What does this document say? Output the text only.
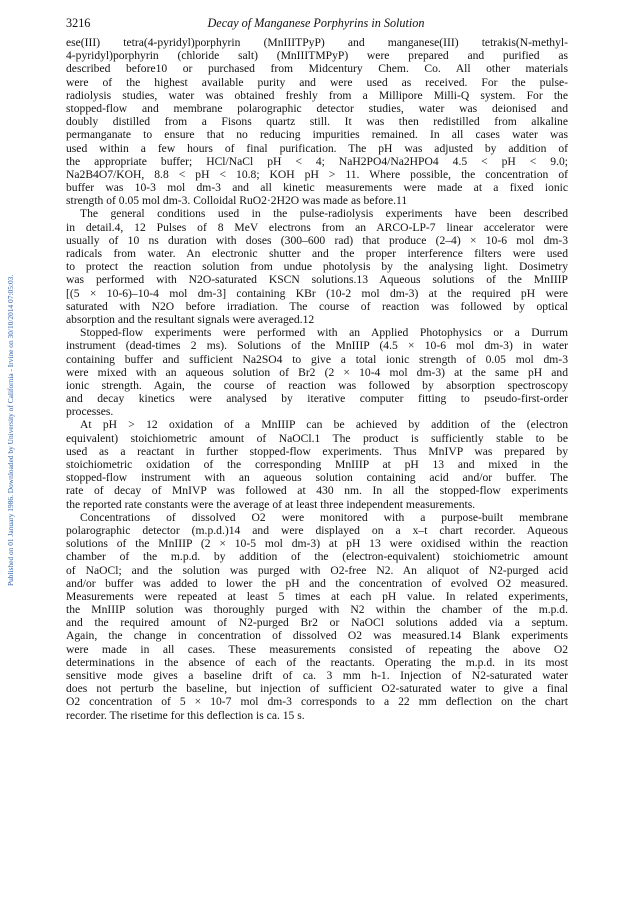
Published on 01 January 1986. Downloaded by University of California - Irvine on 30/10/2014 07:05:03.
3216	Decay of Manganese Porphyrins in Solution
ese(III) tetra(4-pyridyl)porphyrin (MnIIITPyP) and manganese(III) tetrakis(N-methyl-
4-pyridyl)porphyrin (chloride salt) (MnIIITMPyP) were prepared and purified as
described before10 or purchased from Midcentury Chem. Co. All other materials
were of the highest available purity and were used as received. For the pulse-
radiolysis studies, water was obtained freshly from a Millipore Milli-Q system. For the
stopped-flow and membrane polarographic detector studies, water was deionised and
doubly distilled from a Fisons quartz still. It was then redistilled from alkaline
permanganate to ensure that no reducing impurities remained. In all cases water was
used within a few hours of final purification. The pH was adjusted by addition of
the appropriate buffer; HCl/NaCl pH < 4; NaH2PO4/Na2HPO4 4.5 < pH < 9.0;
Na2B4O7/KOH, 8.8 < pH < 10.8; KOH pH > 11. Where possible, the concentration of
buffer was 10-3 mol dm-3 and all kinetic measurements were made at a fixed ionic
strength of 0.05 mol dm-3. Colloidal RuO2·2H2O was made as before.11
The general conditions used in the pulse-radiolysis experiments have been described
in detail.4, 12 Pulses of 8 MeV electrons from an ARCO-LP-7 linear accelerator were
usually of 10 ns duration with doses (300–600 rad) that produce (2–4) × 10-6 mol dm-3
radicals from water. An electronic shutter and the proper interference filters were used
to protect the reaction solution from undue photolysis by the analysing light. Dosimetry
was performed with N2O-saturated KSCN solutions.13 Aqueous solutions of the MnIIIP
[(5 × 10-6)–10-4 mol dm-3] containing KBr (10-2 mol dm-3) at the required pH were
saturated with N2O before irradiation. The course of reaction was followed by optical
absorption and the resultant signals were averaged.12
Stopped-flow experiments were performed with an Applied Photophysics or a Durrum
instrument (dead-times 2 ms). Solutions of the MnIIIP (4.5 × 10-6 mol dm-3) in water
containing buffer and sufficient Na2SO4 to give a total ionic strength of 0.05 mol dm-3
were mixed with an aqueous solution of Br2 (2 × 10-4 mol dm-3) at the same pH and
ionic strength. Again, the course of reaction was followed by absorption spectroscopy
and decay kinetics were analysed by iterative computer fitting to pseudo-first-order
processes.
At pH > 12 oxidation of a MnIIIP can be achieved by addition of the (electron
equivalent) stoichiometric amount of NaOCl.1 The product is sufficiently stable to be
used as a reactant in further stopped-flow experiments. Thus MnIVP was prepared by
stoichiometric oxidation of the corresponding MnIIIP at pH 13 and mixed in the
stopped-flow instrument with an aqueous solution containing acid and/or buffer. The
rate of decay of MnIVP was followed at 430 nm. In all the stopped-flow experiments
the reported rate constants were the average of at least three independent measurements.
Concentrations of dissolved O2 were monitored with a purpose-built membrane
polarographic detector (m.p.d.)14 and were displayed on a x–t chart recorder. Aqueous
solutions of the MnIIIP (2 × 10-5 mol dm-3) at pH 13 were oxidised within the reaction
chamber of the m.p.d. by addition of the (electron-equivalent) stoichiometric amount
of NaOCl; and the solution was purged with O2-free N2. An aliquot of N2-purged acid
and/or buffer was added to lower the pH and the concentration of evolved O2 measured.
Measurements were repeated at least 5 times at each pH value. In related experiments,
the MnIIIP solution was thoroughly purged with N2 within the chamber of the m.p.d.
and the required amount of N2-purged Br2 or NaOCl solutions added via a septum.
Again, the change in concentration of dissolved O2 was measured.14 Blank experiments
were made in all cases. These measurements consisted of repeating the above O2
determinations in the absence of each of the reactants. Operating the m.p.d. in its most
sensitive mode gives a baseline drift of ca. 3 mm h-1. Injection of N2-saturated water
does not perturb the baseline, but injection of sufficient O2-saturated water to give a final
O2 concentration of 5 × 10-7 mol dm-3 corresponds to a 22 mm deflection on the chart
recorder. The risetime for this deflection is ca. 15 s.
